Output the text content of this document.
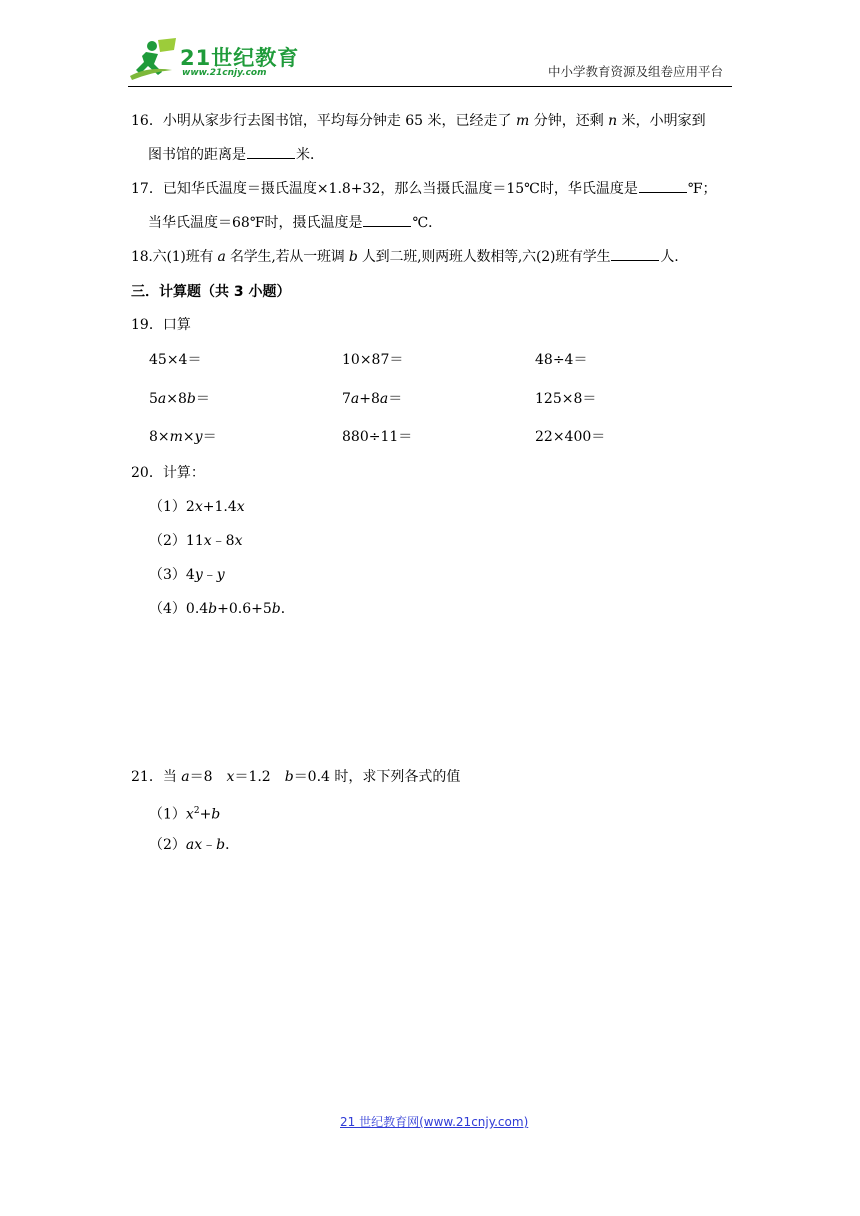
21世纪教育
www.21cnjy.com	中小学教育资源及组卷应用平台
16．小明从家步行去图书馆，平均每分钟走 65 米，已经走了 m 分钟，还剩 n 米，小明家到
图书馆的距离是	米．
17．已知华氏温度＝摄氏温度×1.8+32，那么当摄氏温度＝15℃时，华氏温度是	℉；
当华氏温度＝68℉时，摄氏温度是	℃．
18.六(1)班有 a 名学生,若从一班调 b 人到二班,则两班人数相等,六(2)班有学生	人.
三．计算题（共 3 小题）
19．口算
45×4＝	10×87＝	48÷4＝
5a×8b＝	7a+8a＝	125×8＝
8×m×y＝	880÷11＝	22×400＝
20．计算：
（1）2x+1.4x
（2）11x﹣8x
（3）4y﹣y
（4）0.4b+0.6+5b．
21．当 a＝8　x＝1.2　b＝0.4 时，求下列各式的值
$(1)x^2+b$
（2）ax﹣b．
21 世纪教育网(www.21cnjy.com)
